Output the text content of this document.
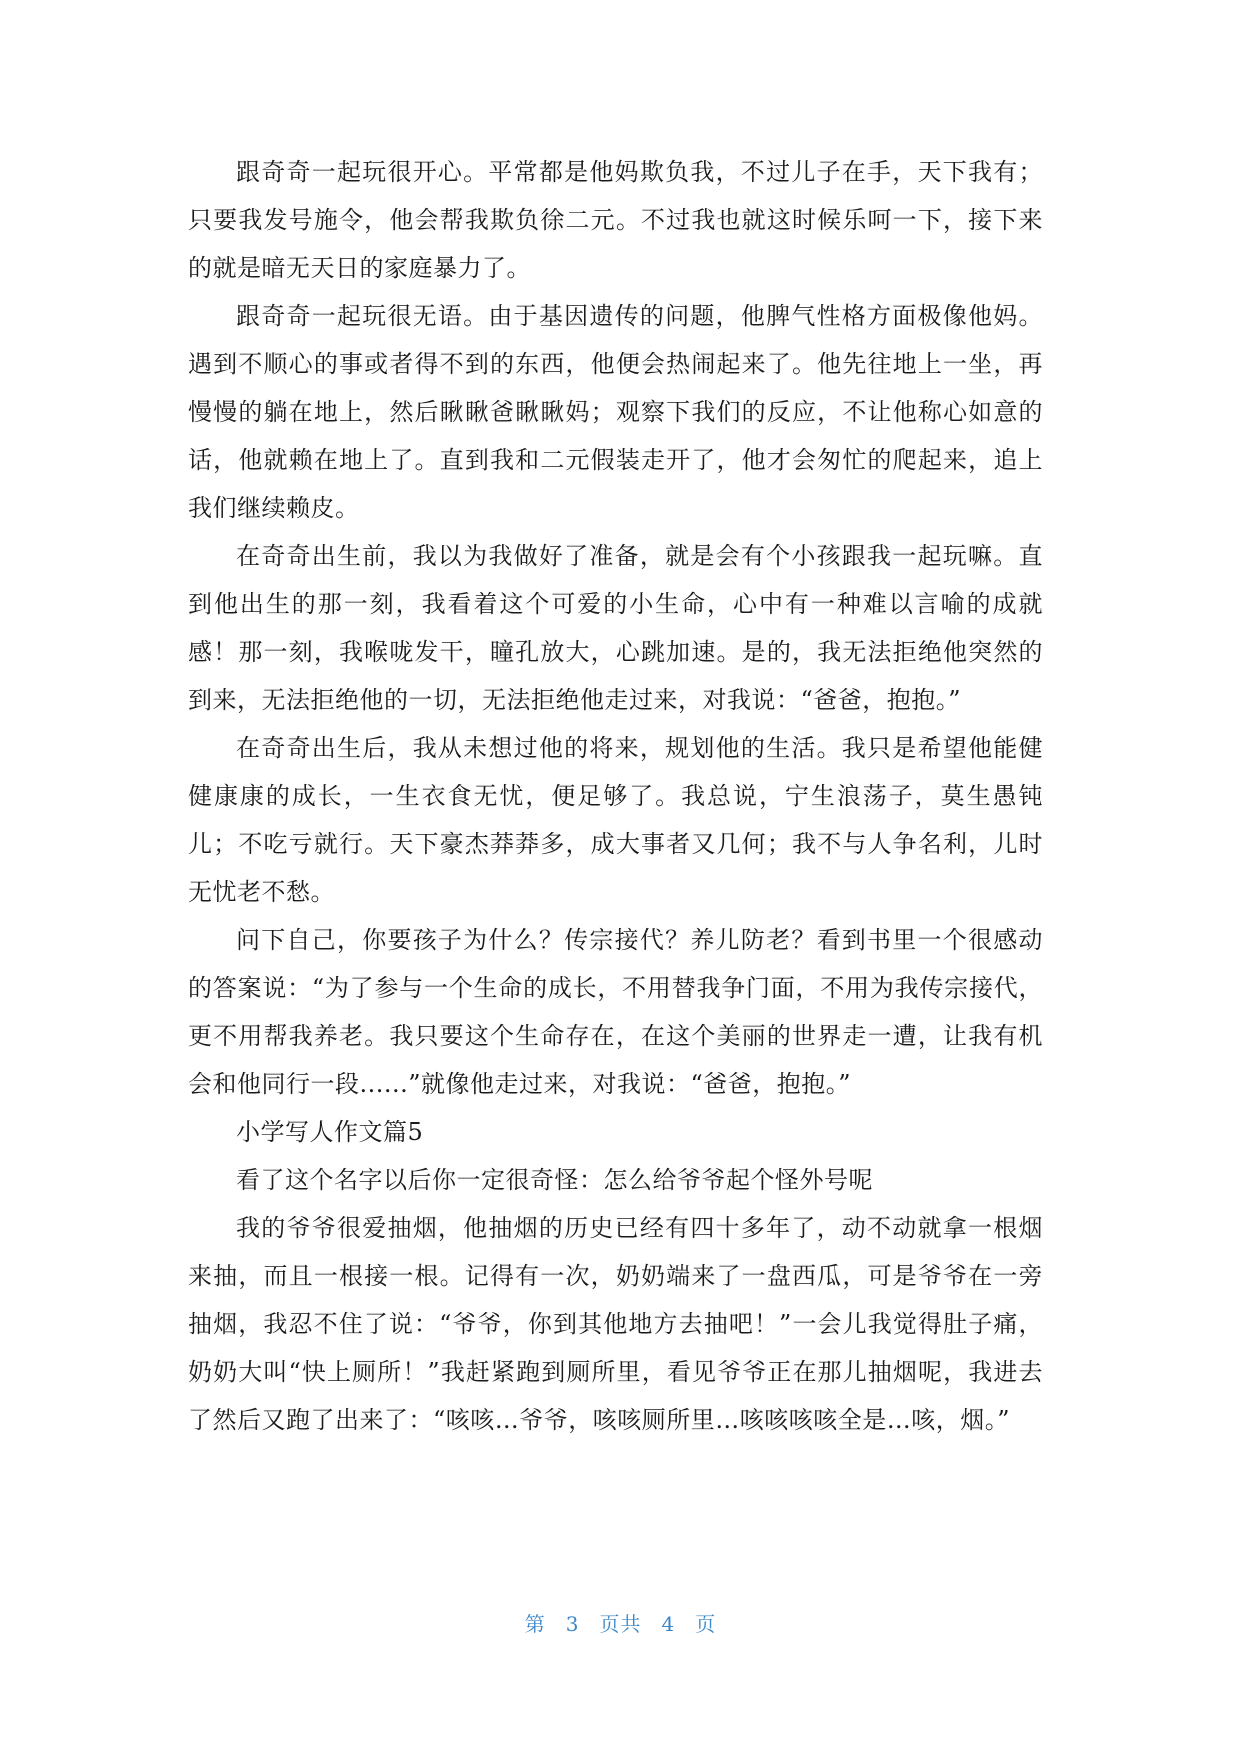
跟奇奇一起玩很开心。平常都是他妈欺负我，不过儿子在手，天下我有；只要我发号施令，他会帮我欺负徐二元。不过我也就这时候乐呵一下，接下来的就是暗无天日的家庭暴力了。

跟奇奇一起玩很无语。由于基因遗传的问题，他脾气性格方面极像他妈。遇到不顺心的事或者得不到的东西，他便会热闹起来了。他先往地上一坐，再慢慢的躺在地上，然后瞅瞅爸瞅瞅妈；观察下我们的反应，不让他称心如意的话，他就赖在地上了。直到我和二元假装走开了，他才会匆忙的爬起来，追上我们继续赖皮。

在奇奇出生前，我以为我做好了准备，就是会有个小孩跟我一起玩嘛。直到他出生的那一刻，我看着这个可爱的小生命，心中有一种难以言喻的成就感！那一刻，我喉咙发干，瞳孔放大，心跳加速。是的，我无法拒绝他突然的到来，无法拒绝他的一切，无法拒绝他走过来，对我说：“爸爸，抱抱。”

在奇奇出生后，我从未想过他的将来，规划他的生活。我只是希望他能健健康康的成长，一生衣食无忧，便足够了。我总说，宁生浪荡子，莫生愚钝儿；不吃亏就行。天下豪杰莽莽多，成大事者又几何；我不与人争名利，儿时无忧老不愁。

问下自己，你要孩子为什么？传宗接代？养儿防老？看到书里一个很感动的答案说：“为了参与一个生命的成长，不用替我争门面，不用为我传宗接代，更不用帮我养老。我只要这个生命存在，在这个美丽的世界走一遭，让我有机会和他同行一段......”就像他走过来，对我说：“爸爸，抱抱。”

小学写人作文篇5

看了这个名字以后你一定很奇怪：怎么给爷爷起个怪外号呢

我的爷爷很爱抽烟，他抽烟的历史已经有四十多年了，动不动就拿一根烟来抽，而且一根接一根。记得有一次，奶奶端来了一盘西瓜，可是爷爷在一旁抽烟，我忍不住了说：“爷爷，你到其他地方去抽吧！”一会儿我觉得肚子痛，奶奶大叫“快上厕所！”我赶紧跑到厕所里，看见爷爷正在那儿抽烟呢，我进去了然后又跑了出来了：“咳咳…爷爷，咳咳厕所里…咳咳咳咳全是…咳，烟。”

第 3 页共 4 页
